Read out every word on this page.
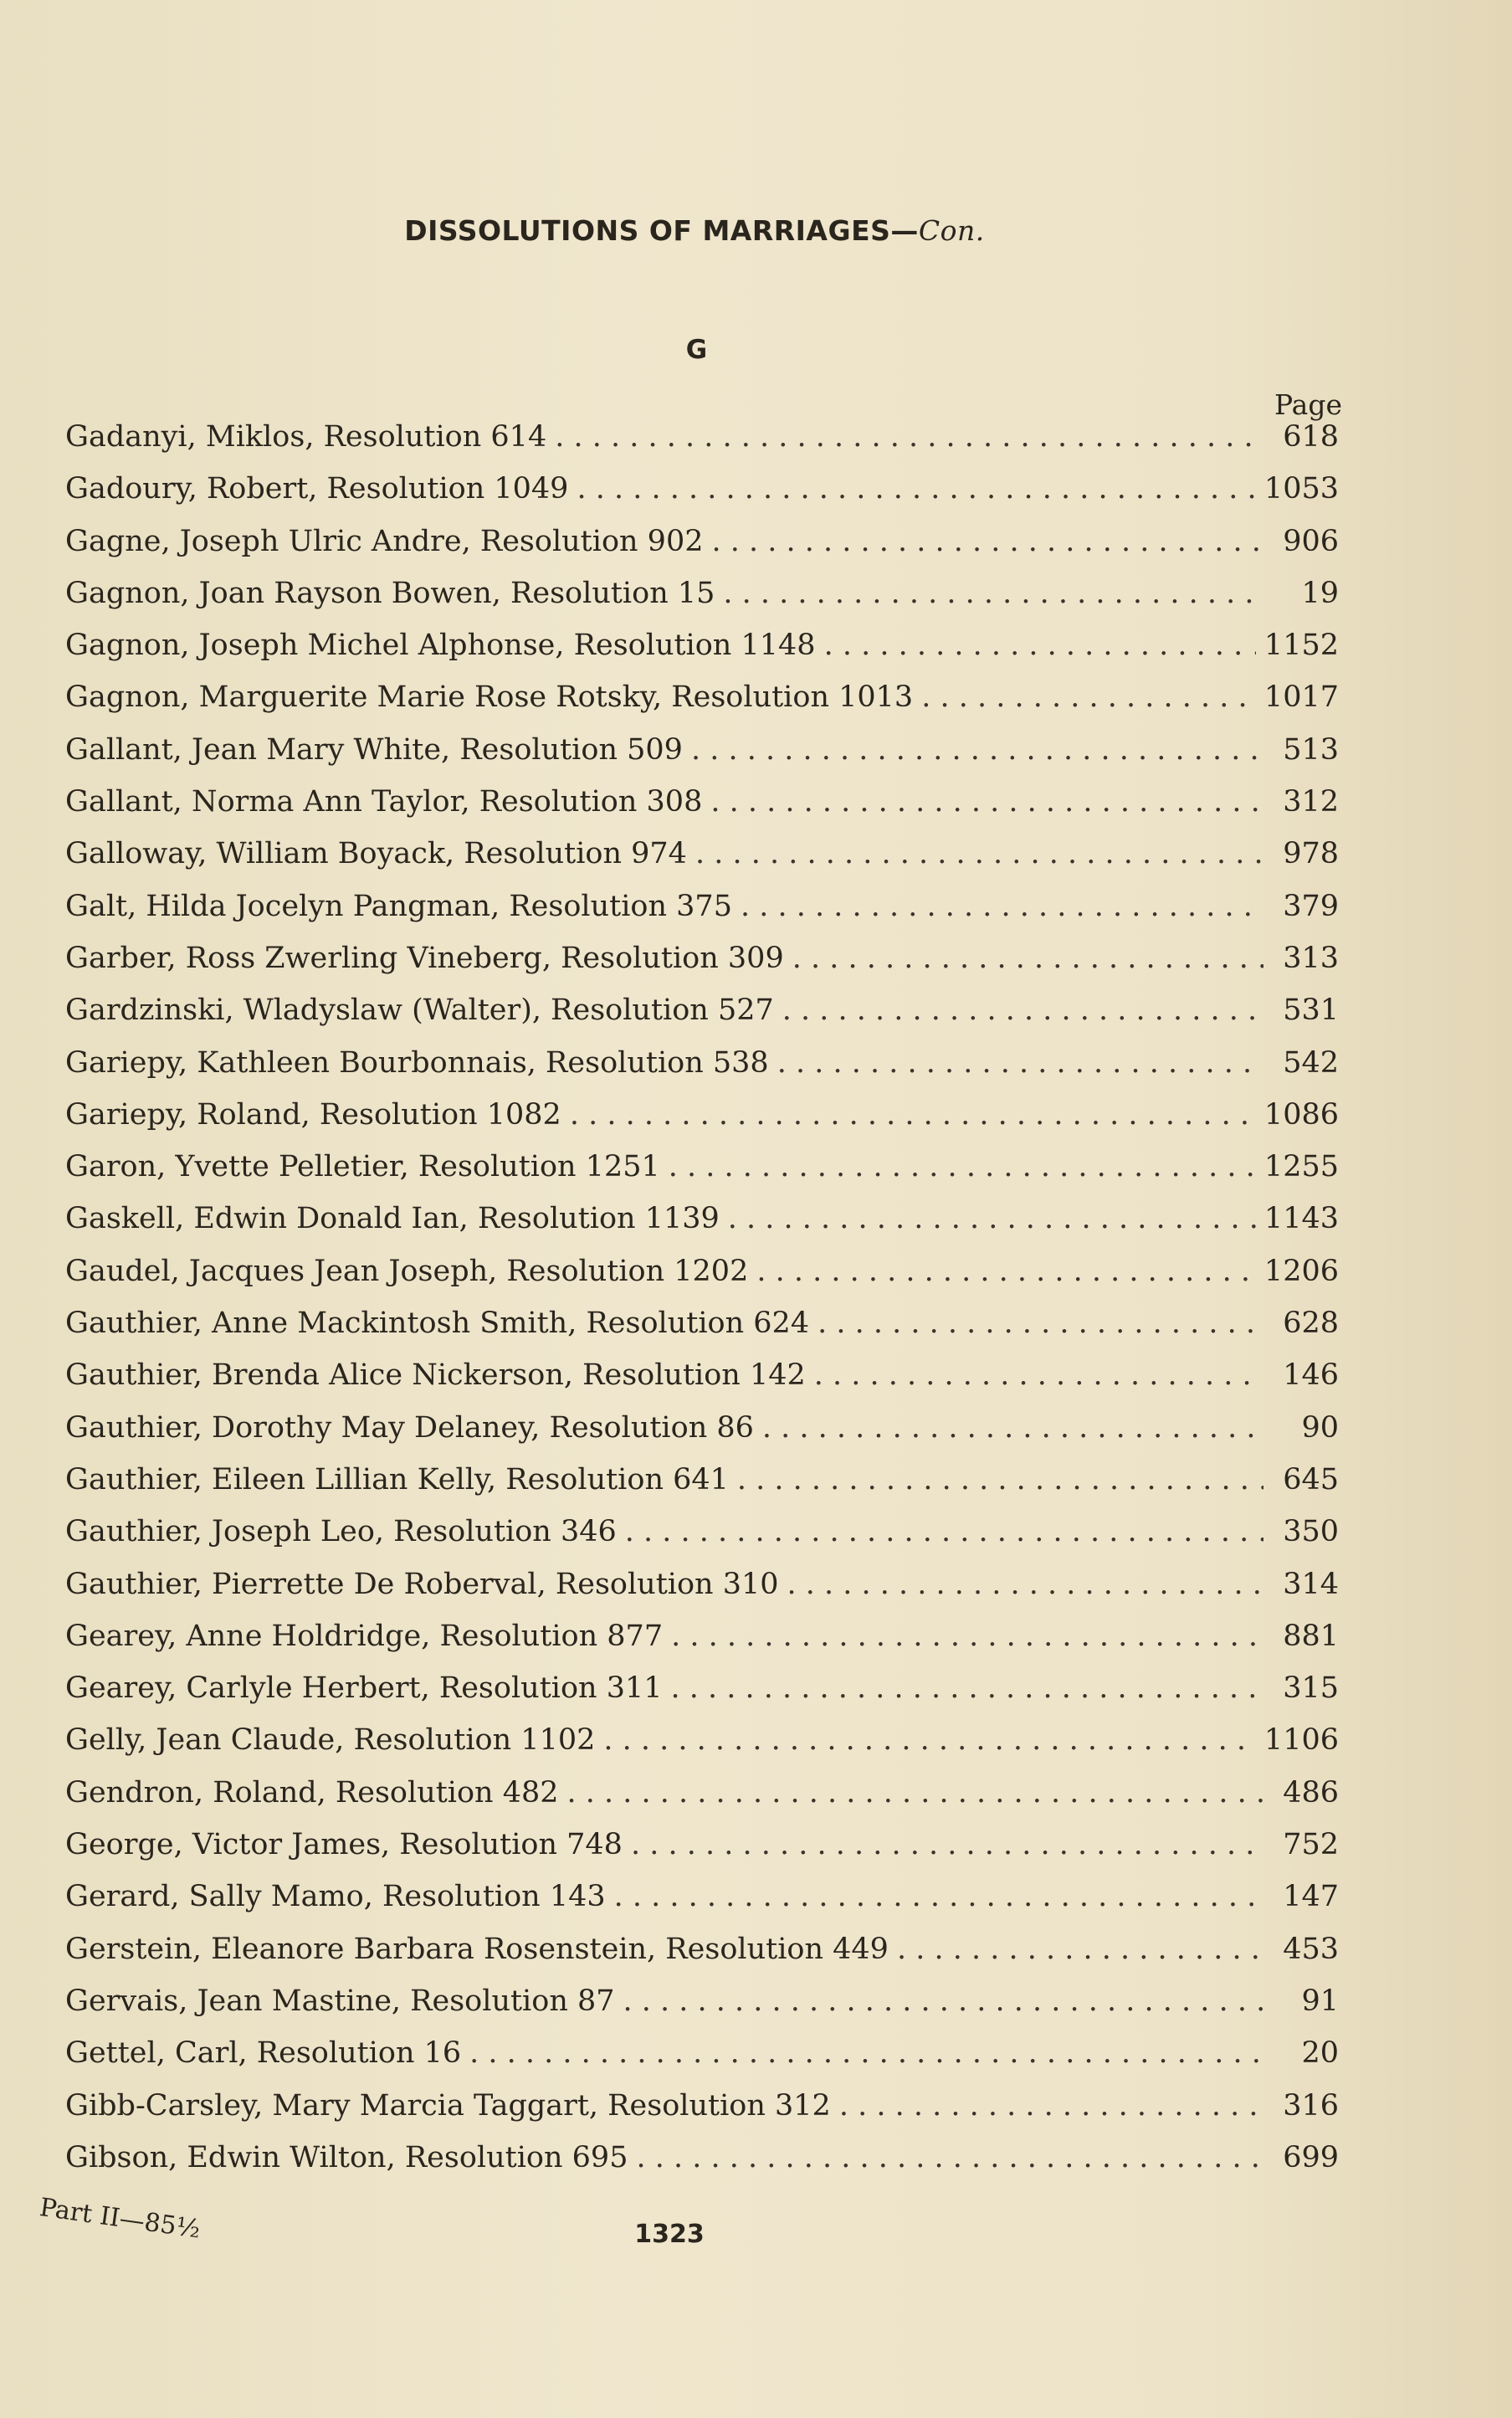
DISSOLUTIONS OF MARRIAGES—Con.
G
Page
Gadanyi, Miklos, Resolution 614 . . .	618
Gadoury, Robert, Resolution 1049 . . .	1053
Gagne, Joseph Ulric Andre, Resolution 902 . . .	906
Gagnon, Joan Rayson Bowen, Resolution 15 . . .	19
Gagnon, Joseph Michel Alphonse, Resolution 1148 . . .	1152
Gagnon, Marguerite Marie Rose Rotsky, Resolution 1013 . . .	1017
Gallant, Jean Mary White, Resolution 509 . . .	513
Gallant, Norma Ann Taylor, Resolution 308 . . .	312
Galloway, William Boyack, Resolution 974 . . .	978
Galt, Hilda Jocelyn Pangman, Resolution 375 . . .	379
Garber, Ross Zwerling Vineberg, Resolution 309 . . .	313
Gardzinski, Wladyslaw (Walter), Resolution 527 . . .	531
Gariepy, Kathleen Bourbonnais, Resolution 538 . . .	542
Gariepy, Roland, Resolution 1082 . . .	1086
Garon, Yvette Pelletier, Resolution 1251 . . .	1255
Gaskell, Edwin Donald Ian, Resolution 1139 . . .	1143
Gaudel, Jacques Jean Joseph, Resolution 1202 . . .	1206
Gauthier, Anne Mackintosh Smith, Resolution 624 . . .	628
Gauthier, Brenda Alice Nickerson, Resolution 142 . . .	146
Gauthier, Dorothy May Delaney, Resolution 86 . . .	90
Gauthier, Eileen Lillian Kelly, Resolution 641 . . .	645
Gauthier, Joseph Leo, Resolution 346 . . .	350
Gauthier, Pierrette De Roberval, Resolution 310 . . .	314
Gearey, Anne Holdridge, Resolution 877 . . .	881
Gearey, Carlyle Herbert, Resolution 311 . . .	315
Gelly, Jean Claude, Resolution 1102 . . .	1106
Gendron, Roland, Resolution 482 . . .	486
George, Victor James, Resolution 748 . . .	752
Gerard, Sally Mamo, Resolution 143 . . .	147
Gerstein, Eleanore Barbara Rosenstein, Resolution 449 . . .	453
Gervais, Jean Mastine, Resolution 87 . . .	91
Gettel, Carl, Resolution 16 . . .	20
Gibb-Carsley, Mary Marcia Taggart, Resolution 312 . . .	316
Gibson, Edwin Wilton, Resolution 695 . . .	699
Part II—85½	1323
